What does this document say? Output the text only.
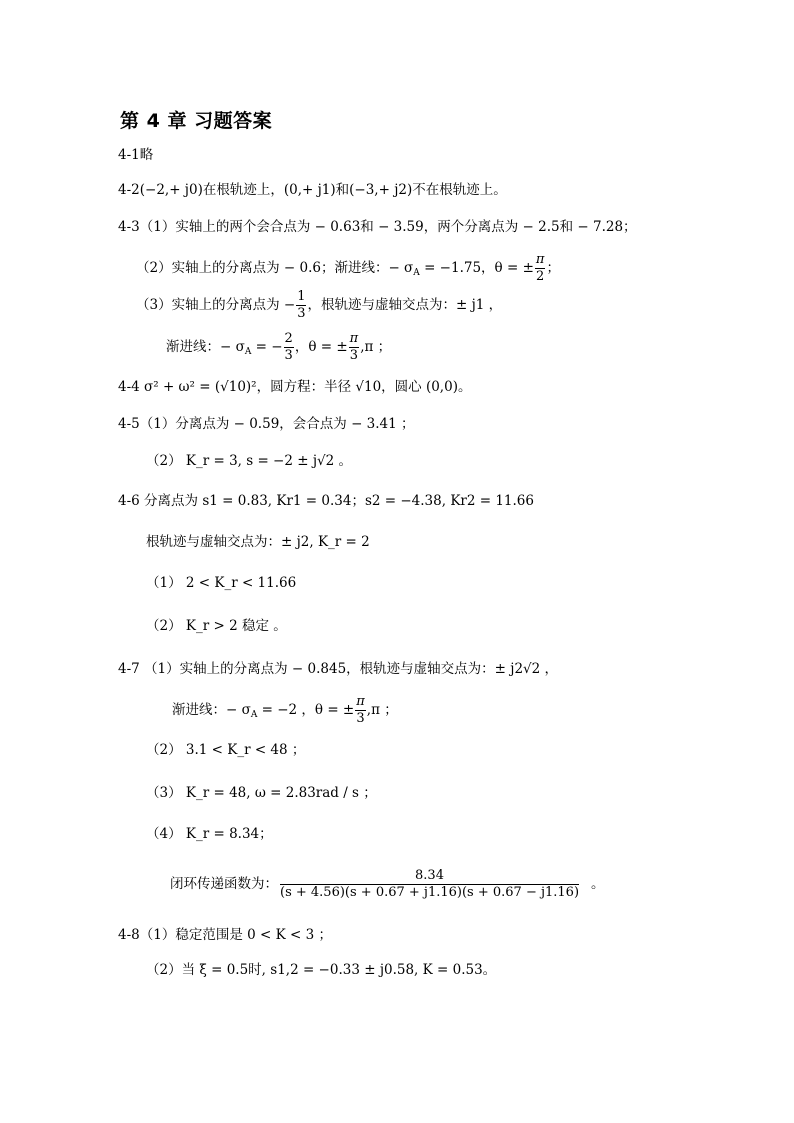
第 4 章 习题答案
4-1略
4-2(−2,+ j0)在根轨迹上，(0,+ j1)和(−3,+ j2)不在根轨迹上。
4-3（1）实轴上的两个会合点为 − 0.63和 − 3.59，两个分离点为 − 2.5和 − 7.28；
（2）实轴上的分离点为 − 0.6；渐进线：− $\sigma_A = -1.75$，θ = ± $\frac{\pi}{2}$ ；
（3）实轴上的分离点为 − $\frac{1}{3}$ ，根轨迹与虚轴交点为：± j1 ，
渐进线：− $\sigma_A$ = − $\frac{2}{3}$ ，θ = ± $\frac{\pi}{3} ,\pi$ ；
4-4 σ² + ω² = (√10)²，圆方程：半径 √10，圆心 (0,0)。
4-5（1）分离点为 − 0.59，会合点为 − 3.41 ；
（2） K_r = 3, s = −2 ± j√2 。
4-6 分离点为 s1 = 0.83, Kr1 = 0.34；s2 = −4.38, Kr2 = 11.66
根轨迹与虚轴交点为：± j2, K_r = 2
（1） 2 < K_r < 11.66
（2） K_r > 2 稳定 。
4-7 （1）实轴上的分离点为 − 0.845，根轨迹与虚轴交点为：± j2√2 ，
渐进线：− $\sigma_A = -2$ ，θ = ± $\frac{\pi}{3} ,\pi$ ；
（2） 3.1 < K_r < 48 ；
（3） K_r = 48, ω = 2.83rad / s ；
（4） K_r = 8.34；
闭环传递函数为： $\frac{8.34}{(s + 4.56)(s + 0.67 + j1.16)(s + 0.67 - j1.16)}$ 。
4-8（1）稳定范围是 0 < K < 3 ；
（2）当 ξ = 0.5时, s1,2 = −0.33 ± j0.58, K = 0.53。
